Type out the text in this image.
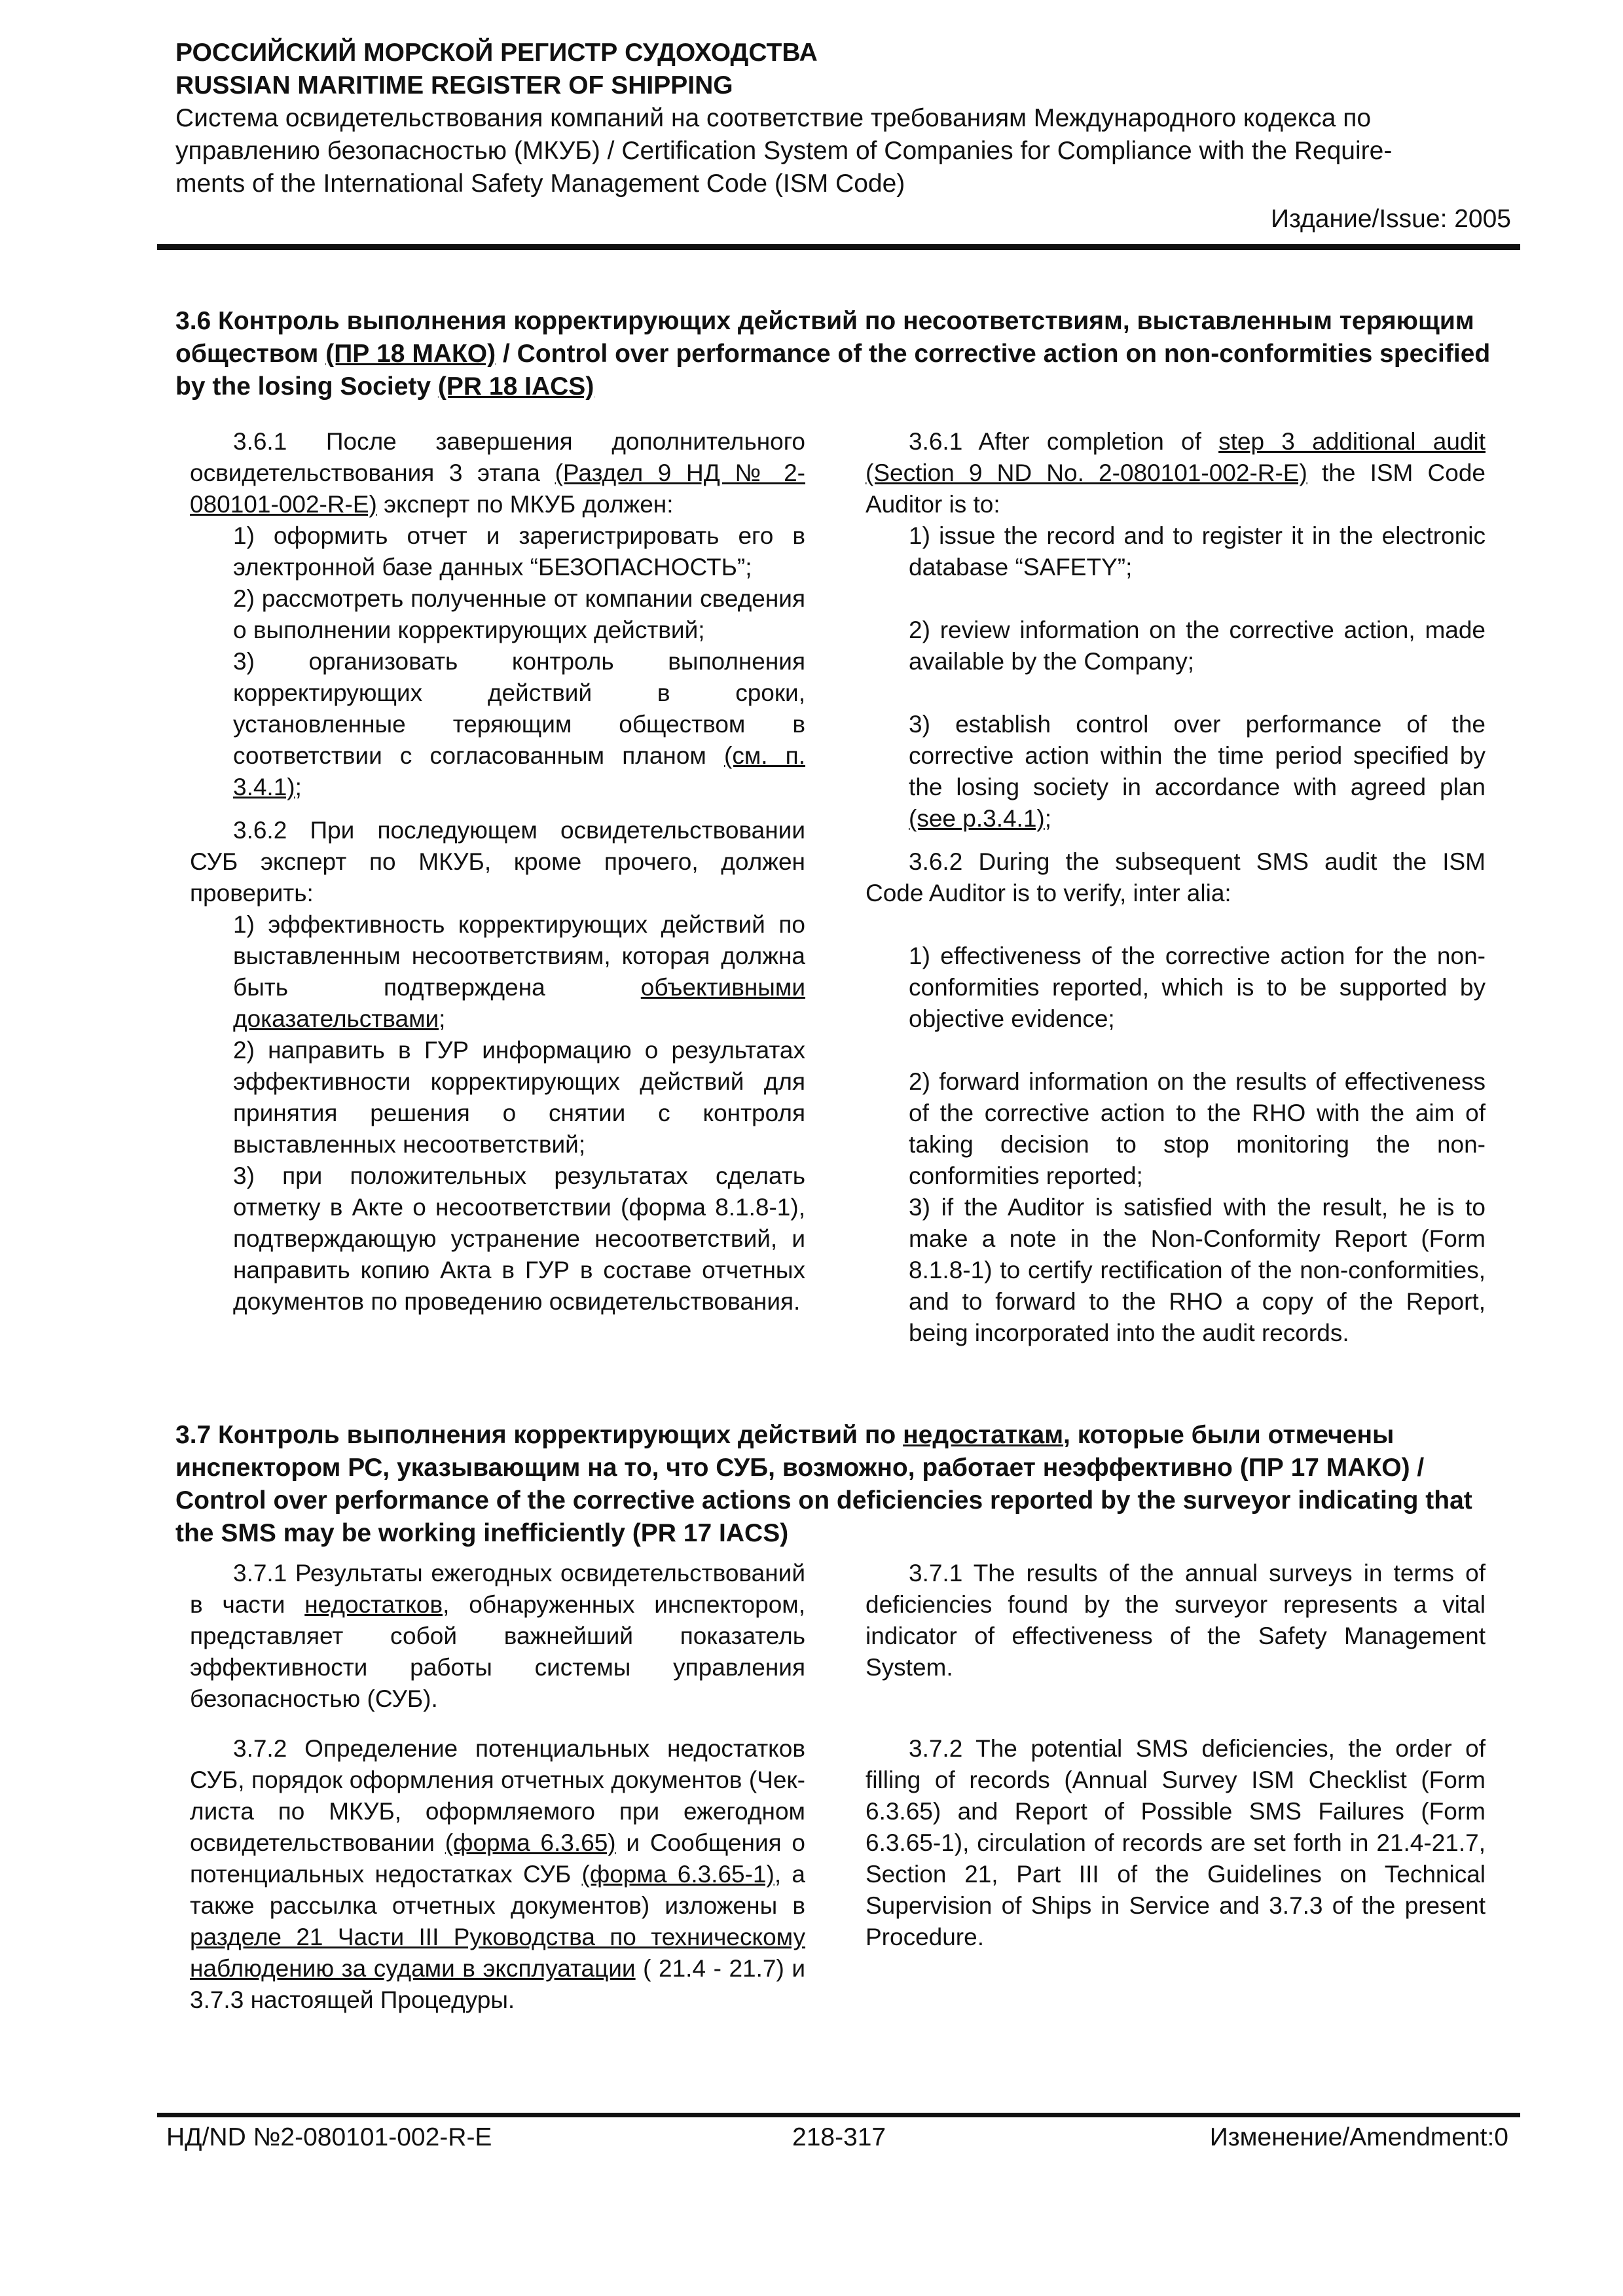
РОССИЙСКИЙ МОРСКОЙ РЕГИСТР СУДОХОДСТВА

RUSSIAN MARITIME REGISTER OF SHIPPING

Система освидетельствования компаний на соответствие требованиям Международного кодекса по

управлению безопасностью (МКУБ) / Certification System of Companies for Compliance with the Require-

ments of the International Safety Management Code (ISM Code)

Издание/Issue: 2005

3.6 Контроль выполнения корректирующих действий по несоответствиям, выставленным теряющим обществом (ПР 18 МАКО) / Control over performance of the corrective action on non-conformities specified by the losing Society (PR 18 IACS)

3.6.1 После завершения дополнительного освидетельствования 3 этапа (Раздел 9 НД № 2-080101-002-R-E) эксперт по МКУБ должен:

1) оформить отчет и зарегистрировать его в электронной базе данных “БЕЗОПАСНОСТЬ”;

2) рассмотреть полученные от компании сведения о выполнении корректирующих действий;

3) организовать контроль выполнения корректирующих действий в сроки, установленные теряющим обществом в соответствии с согласованным планом (см. п. 3.4.1);

3.6.2 При последующем освидетельствовании СУБ эксперт по МКУБ, кроме прочего, должен проверить:

1) эффективность корректирующих действий по выставленным несоответствиям, которая должна быть подтверждена объективными доказательствами;

2) направить в ГУР информацию о результатах эффективности корректирующих действий для принятия решения о снятии с контроля выставленных несоответствий;

3) при положительных результатах сделать отметку в Акте о несоответствии (форма 8.1.8-1), подтверждающую устранение несоответствий, и направить копию Акта в ГУР в составе отчетных документов по проведению освидетельствования.

3.6.1 After completion of step 3 additional audit (Section 9 ND No. 2-080101-002-R-E) the ISM Code Auditor is to:

1) issue the record and to register it in the electronic database “SAFETY”;

2) review information on the corrective action, made available by the Company;

3) establish control over performance of the corrective action within the time period specified by the losing society in accordance with agreed plan (see p.3.4.1);

3.6.2 During the subsequent SMS audit the ISM Code Auditor is to verify, inter alia:

1) effectiveness of the corrective action for the non-conformities reported, which is to be supported by objective evidence;

2) forward information on the results of effectiveness of the corrective action to the RHO with the aim of taking decision to stop monitoring the non-conformities reported;

3) if the Auditor is satisfied with the result, he is to make a note in the Non-Conformity Report (Form 8.1.8-1) to certify rectification of the non-conformities, and to forward to the RHO a copy of the Report, being incorporated into the audit records.

3.7 Контроль выполнения корректирующих действий по недостаткам, которые были отмечены инспектором РС, указывающим на то, что СУБ, возможно, работает неэффективно (ПР 17 МАКО) / Control over performance of the corrective actions on deficiencies reported by the surveyor indicating that the SMS may be working inefficiently (PR 17 IACS)

3.7.1 Результаты ежегодных освидетельствований в части недостатков, обнаруженных инспектором, представляет собой важнейший показатель эффективности работы системы управления безопасностью (СУБ).

3.7.2 Определение потенциальных недостатков СУБ, порядок оформления отчетных документов (Чек-листа по МКУБ, оформляемого при ежегодном освидетельствовании (форма 6.3.65) и Сообщения о потенциальных недостатках СУБ (форма 6.3.65-1), а также рассылка отчетных документов) изложены в разделе 21 Части III Руководства по техническому наблюдению за судами в эксплуатации ( 21.4 - 21.7) и 3.7.3 настоящей Процедуры.

3.7.1 The results of the annual surveys in terms of deficiencies found by the surveyor represents a vital indicator of effectiveness of the Safety Management System.

3.7.2 The potential SMS deficiencies, the order of filling of records (Annual Survey ISM Checklist (Form 6.3.65) and Report of Possible SMS Failures (Form 6.3.65-1), circulation of records are set forth in 21.4-21.7, Section 21, Part III of the Guidelines on Technical Supervision of Ships in Service and 3.7.3 of the present Procedure.

НД/ND №2-080101-002-R-E	218-317	Изменение/Amendment:0
